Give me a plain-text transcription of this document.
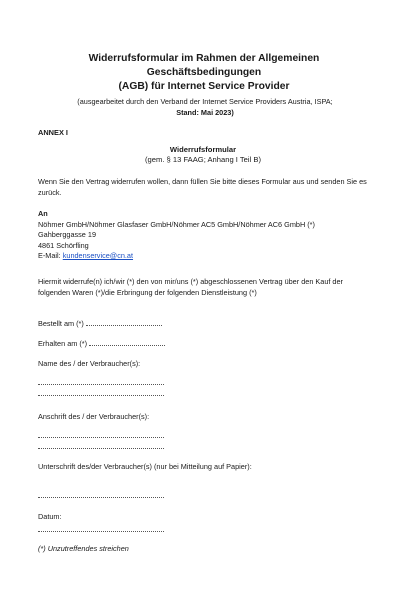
Widerrufsformular im Rahmen der Allgemeinen Geschäftsbedingungen
(AGB) für Internet Service Provider
(ausgearbeitet durch den Verband der Internet Service Providers Austria, ISPA;
Stand: Mai 2023)
ANNEX I
Widerrufsformular
(gem. § 13 FAAG; Anhang I Teil B)
Wenn Sie den Vertrag widerrufen wollen, dann füllen Sie bitte dieses Formular aus und senden Sie es zurück.
An
Nöhmer GmbH/Nöhmer Glasfaser GmbH/Nöhmer AC5 GmbH/Nöhmer AC6 GmbH (*)
Gahberggasse 19
4861 Schörfling
E-Mail: kundenservice@cn.at
Hiermit widerrufe(n) ich/wir (*) den von mir/uns (*) abgeschlossenen Vertrag über den Kauf der folgenden Waren (*)/die Erbringung der folgenden Dienstleistung (*)
Bestellt am (*)
Erhalten am (*)
Name des / der Verbraucher(s):
Anschrift des / der Verbraucher(s):
Unterschrift des/der Verbraucher(s) (nur bei Mitteilung auf Papier):
Datum:
(*) Unzutreffendes streichen
